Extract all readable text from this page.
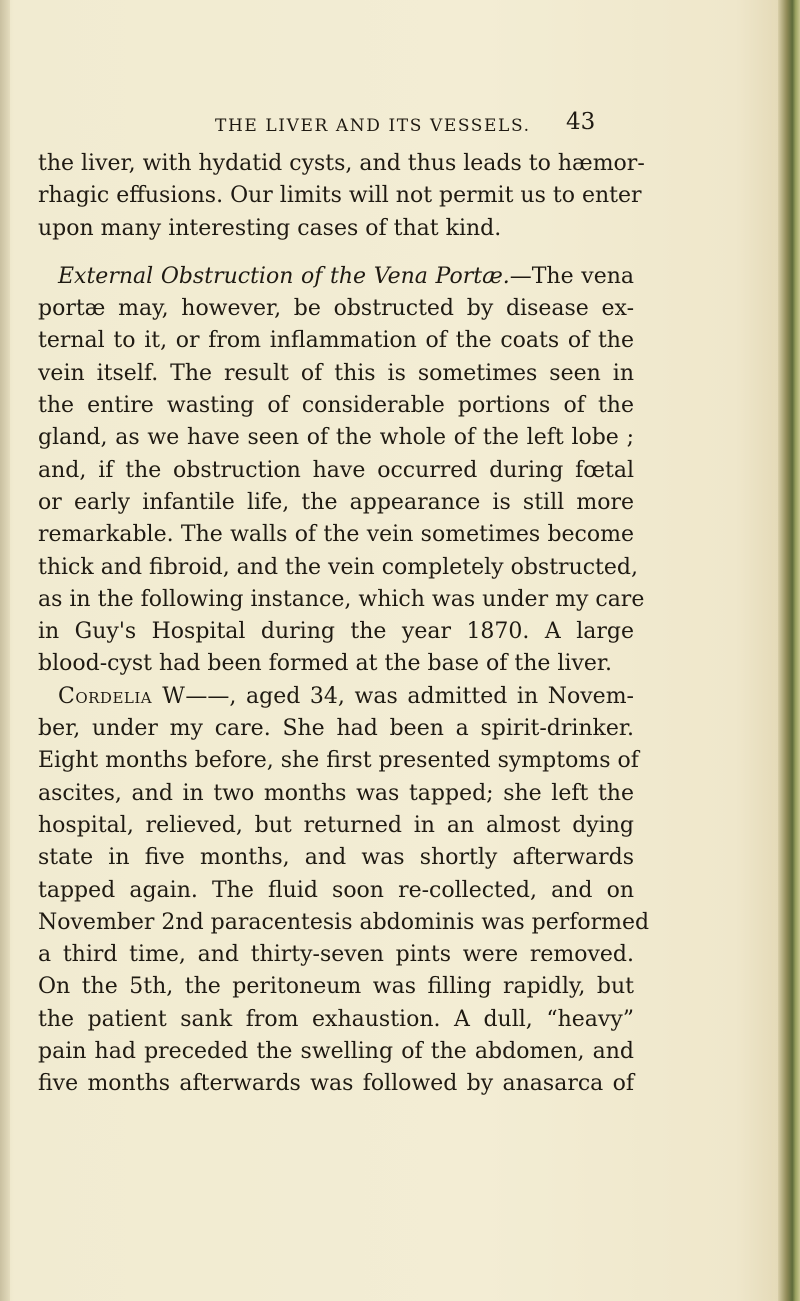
THE LIVER AND ITS VESSELS. 43
the liver, with hydatid cysts, and thus leads to hæmor-
rhagic effusions. Our limits will not permit us to enter
upon many interesting cases of that kind.
External Obstruction of the Vena Portæ.—The vena
portæ may, however, be obstructed by disease ex-
ternal to it, or from inflammation of the coats of the
vein itself. The result of this is sometimes seen in
the entire wasting of considerable portions of the
gland, as we have seen of the whole of the left lobe ;
and, if the obstruction have occurred during fœtal
or early infantile life, the appearance is still more
remarkable. The walls of the vein sometimes become
thick and fibroid, and the vein completely obstructed,
as in the following instance, which was under my care
in Guy's Hospital during the year 1870. A large
blood-cyst had been formed at the base of the liver.
Cordelia W——, aged 34, was admitted in Novem-
ber, under my care. She had been a spirit-drinker.
Eight months before, she first presented symptoms of
ascites, and in two months was tapped; she left the
hospital, relieved, but returned in an almost dying
state in five months, and was shortly afterwards
tapped again. The fluid soon re-collected, and on
November 2nd paracentesis abdominis was performed
a third time, and thirty-seven pints were removed.
On the 5th, the peritoneum was filling rapidly, but
the patient sank from exhaustion. A dull, “heavy”
pain had preceded the swelling of the abdomen, and
five months afterwards was followed by anasarca of
